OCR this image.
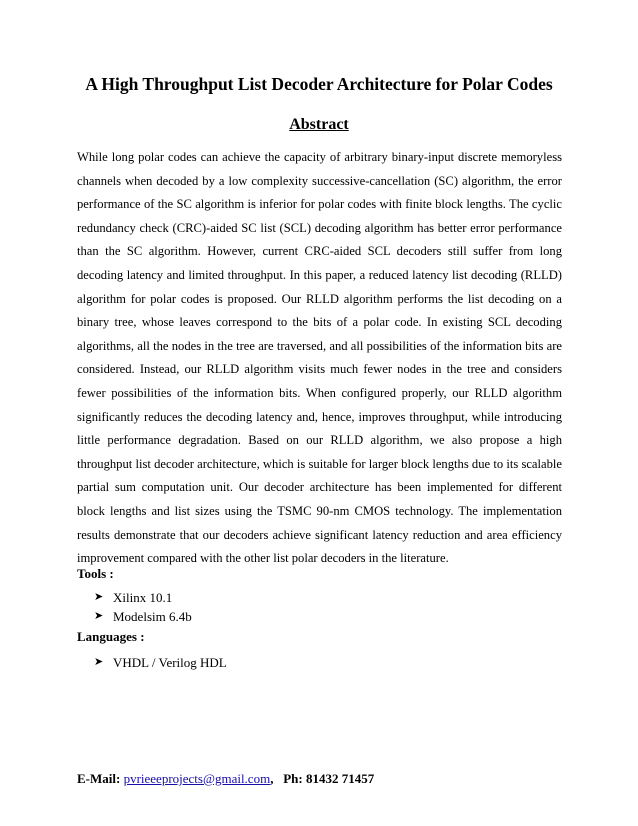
A High Throughput List Decoder Architecture for Polar Codes
Abstract

While long polar codes can achieve the capacity of arbitrary binary-input discrete memoryless channels when decoded by a low complexity successive-cancellation (SC) algorithm, the error performance of the SC algorithm is inferior for polar codes with finite block lengths. The cyclic redundancy check (CRC)-aided SC list (SCL) decoding algorithm has better error performance than the SC algorithm. However, current CRC-aided SCL decoders still suffer from long decoding latency and limited throughput. In this paper, a reduced latency list decoding (RLLD) algorithm for polar codes is proposed. Our RLLD algorithm performs the list decoding on a binary tree, whose leaves correspond to the bits of a polar code. In existing SCL decoding algorithms, all the nodes in the tree are traversed, and all possibilities of the information bits are considered. Instead, our RLLD algorithm visits much fewer nodes in the tree and considers fewer possibilities of the information bits. When configured properly, our RLLD algorithm significantly reduces the decoding latency and, hence, improves throughput, while introducing little performance degradation. Based on our RLLD algorithm, we also propose a high throughput list decoder architecture, which is suitable for larger block lengths due to its scalable partial sum computation unit. Our decoder architecture has been implemented for different block lengths and list sizes using the TSMC 90-nm CMOS technology. The implementation results demonstrate that our decoders achieve significant latency reduction and area efficiency improvement compared with the other list polar decoders in the literature.

Tools :
➤ Xilinx 10.1
➤ Modelsim 6.4b
Languages :
➤ VHDL / Verilog HDL
E-Mail: pvrieeeprojects@gmail.com, Ph: 81432 71457
